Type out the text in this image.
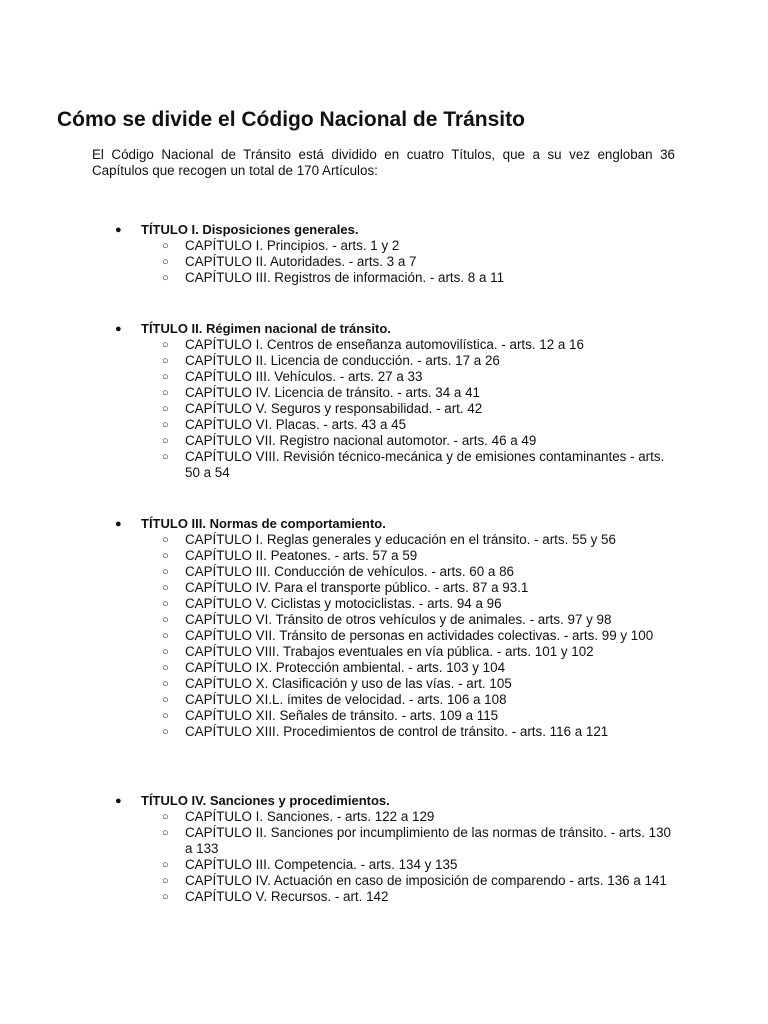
Cómo se divide el Código Nacional de Tránsito

El Código Nacional de Tránsito está dividido en cuatro Títulos, que a su vez engloban 36 Capítulos que recogen un total de 170 Artículos:

● TÍTULO I. Disposiciones generales.
○ CAPÍTULO I. Principios. - arts. 1 y 2
○ CAPÍTULO II. Autoridades. - arts. 3 a 7
○ CAPÍTULO III. Registros de información. - arts. 8 a 11
● TÍTULO II. Régimen nacional de tránsito.
○ CAPÍTULO I. Centros de enseñanza automovilística. - arts. 12 a 16
○ CAPÍTULO II. Licencia de conducción. - arts. 17 a 26
○ CAPÍTULO III. Vehículos. - arts. 27 a 33
○ CAPÍTULO IV. Licencia de tránsito. - arts. 34 a 41
○ CAPÍTULO V. Seguros y responsabilidad. - art. 42
○ CAPÍTULO VI. Placas. - arts. 43 a 45
○ CAPÍTULO VII. Registro nacional automotor. - arts. 46 a 49
○ CAPÍTULO VIII. Revisión técnico-mecánica y de emisiones contaminantes - arts. 50 a 54
● TÍTULO III. Normas de comportamiento.
○ CAPÍTULO I. Reglas generales y educación en el tránsito. - arts. 55 y 56
○ CAPÍTULO II. Peatones. - arts. 57 a 59
○ CAPÍTULO III. Conducción de vehículos. - arts. 60 a 86
○ CAPÍTULO IV. Para el transporte público. - arts. 87 a 93.1
○ CAPÍTULO V. Ciclistas y motociclistas. - arts. 94 a 96
○ CAPÍTULO VI. Tránsito de otros vehículos y de animales. - arts. 97 y 98
○ CAPÍTULO VII. Tránsito de personas en actividades colectivas. - arts. 99 y 100
○ CAPÍTULO VIII. Trabajos eventuales en vía pública. - arts. 101 y 102
○ CAPÍTULO IX. Protección ambiental. - arts. 103 y 104
○ CAPÍTULO X. Clasificación y uso de las vías. - art. 105
○ CAPÍTULO XI.L. ímites de velocidad. - arts. 106 a 108
○ CAPÍTULO XII. Señales de tránsito. - arts. 109 a 115
○ CAPÍTULO XIII. Procedimientos de control de tránsito. - arts. 116 a 121
● TÍTULO IV. Sanciones y procedimientos.
○ CAPÍTULO I. Sanciones. - arts. 122 a 129
○ CAPÍTULO II. Sanciones por incumplimiento de las normas de tránsito. - arts. 130 a 133
○ CAPÍTULO III. Competencia. - arts. 134 y 135
○ CAPÍTULO IV. Actuación en caso de imposición de comparendo - arts. 136 a 141
○ CAPÍTULO V. Recursos. - art. 142
